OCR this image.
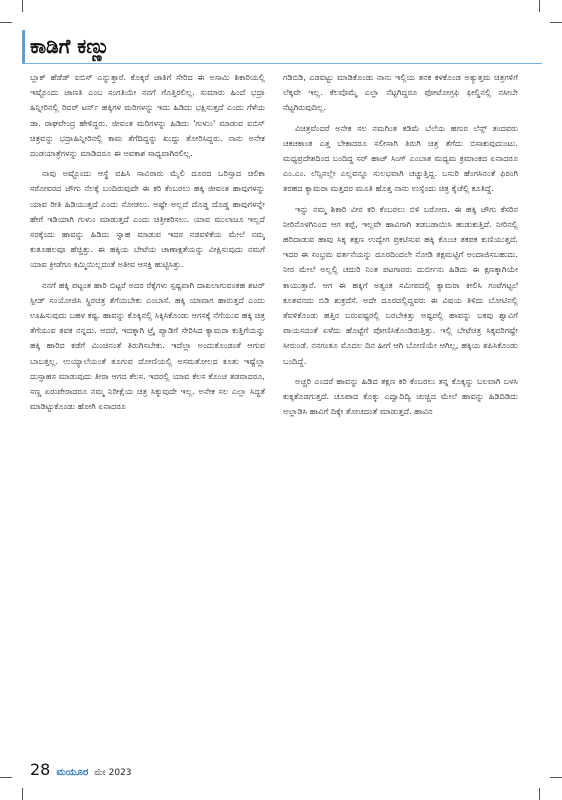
ಕಾಡಿಗೆ ಕಣ್ಣು

ಬ್ಲಾಕ್ ಹೆಡೆಡ್ ಐಬಿಸ್ ಎನ್ನುತ್ತಾರೆ. ಕೊಕ್ಕರೆ ಜಾತಿಗೆ ಸೇರಿದ ಈ ಅಸಾಮಿ ಶಿಕಾರಿಯಲ್ಲಿ ಇಷ್ಟೊಂದು ಜಾಣತಿ ಎಂಬ ಸಂಗತಿಯೇ ನನಗೆ ಗೊತ್ತಿರಲಿಲ್ಲ. ಸುಮಾರು ಹಿಂದೆ ಭದ್ರಾ ಹಿನ್ನೀರಿನಲ್ಲಿ ರಿವರ್ ಟರ್ನ್ ಹಕ್ಕಿಗಳ ಮರಿಗಳನ್ನು ಇದು ಹಿಡಿದು ಭಕ್ಷಿಸುತ್ತದೆ ಎಂದು ಗೆಳೆಯ ಡಾ. ರಾಘವೇಂದ್ರ ಹೇಳಿದ್ದರು. ಜೀವಂತ ಮರಿಗಳನ್ನು ಹಿಡಿದು 'ಗುಳುಂ' ಮಾಡುವ ಐಬಿಸ್ ಚಿತ್ರವನ್ನು ಭದ್ರಾಹಿನ್ನೀರಿನಲ್ಲಿ ಕಾಮ ತೆಗೆದಿದ್ದನ್ನು ಖುದ್ದು ತೋರಿಸಿದ್ದರು. ನಾನು ಅನೇಕ ದಂಡಯಾತ್ರೆಗಳನ್ನು ಮಾಡಿದರೂ ಈ ಅವಕಾಶ ಸಾಧ್ಯವಾಗಿರಲಿಲ್ಲ.

ನಾವು ಅಷ್ಟೊಂದು ಆಸ್ಥೆ ವಹಿಸಿ ಸಾವಿರಾರು ಮೈಲಿ ದೂರದ ಒರಿಸ್ಸಾದ ಚಿಲಿಕಾ ಸರೋವರದ ಜೌಗು ನೆಲಕ್ಕೆ ಬಂದಿರುವುದೇ ಈ ಕರಿ ಕೆಂಬರಲು ಹಕ್ಕಿ ಜೀವಂತ ಹಾವುಗಳನ್ನು ಯಾವ ರೀತಿ ಹಿಡಿಯುತ್ತದೆ ಎಂದು ನೋಡಲು. ಅಷ್ಟೇ ಅಲ್ಲದೆ ದೊಡ್ಡ ದೊಡ್ಡ ಹಾವುಗಳನ್ನೇ ಹೇಗೆ ಇಡಿಯಾಗಿ ಗುಳುಂ ಮಾಡುತ್ತದೆ ಎಂದು ಚಿತ್ರೀಕರಿಸಲು. ಯಾವ ಮುಲಾಜೂ ಇಲ್ಲದೆ ಸರಕ್ಕೆಂದು ಹಾವನ್ನು ಹಿಡಿದು ಸ್ವಾಹ ಮಾಡುವ ಇದರ ನಡವಳಿಕೆಯ ಮೇಲೆ ನಮ್ಮ ಕುತೂಹಲವೂ ಹೆಚ್ಚಿತ್ತು. ಈ ಹಕ್ಕಿಯ ಬೇಟೆಯ ಚಾಣಾಕ್ಷತೆಯನ್ನು ವೀಕ್ಷಿಸುವುದು ನಮಗೆ ಯಾವ ಕ್ರೀಡೆಗೂ ಕಮ್ಮಿಯಿಲ್ಲದಂತೆ ಅತೀವ ಆಸಕ್ತಿ ಹುಟ್ಟಿಸಿತ್ತು.

ನನಗೆ ಹಕ್ಕಿ ಪಟ್ಟಂತ ಹಾರಿ ಬಿಟ್ಟರೆ ಅದರ ರೆಕ್ಕೆಗಳು ಸ್ಪಷ್ಟವಾಗಿ ದಾಖಲಾಗುವಂತಹ ಶಟರ್ ಸ್ಪೀಡ್ ಸಂಯೋಜಿಸಿ ಸ್ಥಿರಚಿತ್ರ ತೆಗೆಯಬೇಕು ಎಂಬಾಸೆ. ಹಕ್ಕಿ ಯಾವಾಗ ಹಾರುತ್ತದೆ ಎಂದು ಊಹಿಸುವುದು ಬಹಳ ಕಷ್ಟ. ಹಾವನ್ನು ಕೊಕ್ಕಿನಲ್ಲಿ ಸಿಕ್ಕಿಸಿಕೊಂಡು ಆಗಸಕ್ಕೆ ನೆಗೆಯುವ ಹಕ್ಕಿ ಚಿತ್ರ ತೆಗೆಯುವ ತವಕ ನನ್ನದು. ಆದರೆ, ಇದಕ್ಕಾಗಿ ಟ್ರೈ ಪ್ಯಾಡಿಗೆ ಸೇರಿಸಿದ ಕ್ಯಾಮರಾ ಕುತ್ತಿಗೆಯನ್ನು ಹಕ್ಕಿ ಹಾರಿದ ಕಡೆಗೆ ಮಿಂಚಿನಂತೆ ತಿರುಗಿಸಬೇಕು. ಇದೆಲ್ಲಾ ಅಂದುಕೊಂಡಂತೆ ಆಗುವ ಬಾಬತ್ತಲ್ಲ. ಉಯ್ಯಾಲೆಯಂತೆ ತೂಗುವ ದೋಣಿಯಲ್ಲಿ ಅಸಮತೋಲದ ಕೂತು ಇಷ್ಟೆಲ್ಲಾ ದುಸ್ಸಾಹಸ ಮಾಡುವುದು ತೀರಾ ಆಗದ ಕೆಲಸ. ಇದರಲ್ಲಿ ಯಾವ ಕೆಲಸ ಕೊಂಚ ತಡವಾದರೂ, ಸಣ್ಣ ಏರುಪೇರಾದರೂ ನಮ್ಮ ನಿರೀಕ್ಷೆಯ ಚಿತ್ರ ಸಿಕ್ಕುವುದೇ ಇಲ್ಲ. ಅನೇಕ ಸಲ ಎಲ್ಲಾ ಸಿದ್ಧತೆ ಮಾಡಿಟ್ಟುಕೊಂಡು ಹೋಗಿ ಏನಾದರೂ

ಗಡಿಬಿಡಿ, ಎಡವಟ್ಟು ಮಾಡಿಕೊಂಡು ನಾನು ಇಲ್ಲಿಯ ತನಕ ಕಳಕೊಂಡ ಅತ್ಯುತ್ತಮ ಚಿತ್ರಗಳಿಗೆ ಲೆಕ್ಕವೇ ಇಲ್ಲ. ಕೆಲವೊಮ್ಮೆ ಎಲ್ಲಾ ನೆಟ್ಟಗಿದ್ದರೂ ಫೋಟೋಗ್ರಫಿ ಫೀಲ್ಡಿನಲ್ಲಿ ನಸೀಬೇ ನೆಟ್ಟಗಿರುವುದಿಲ್ಲ.

ವಿಚಿತ್ರವೆಂದರೆ ಅನೇಕ ಸಲ ನಮಗಿಂತ ಕಡಿಮೆ ಬೆಲೆಯ ಹಗುರ ಲೆನ್ಸ್ ತಂದವರು ಚಕಚಕಾಂತ ಎತ್ತ ಬೇಕಾದರೂ ಸಲೀಸಾಗಿ ತಿರುಗಿ ಚಿತ್ರ ತೆಗೆದು ಬಿಸಾಕುವುದುಂಟು. ಮಧ್ಯಪ್ರದೇಶದಿಂದ ಬಂದಿದ್ದ ಸರ್ ಹಾಜ್ ಸಿಂಗ್ ಎಂಬಾತ ಮಧ್ಯಮ ಕ್ರಮಾಂಕದ ಏನಾದರೂ ಎಂ.ಎಂ. ಲೆನ್ಸಿನಲ್ಲೇ ಎಲ್ಲವನ್ನೂ ಸುಲಭವಾಗಿ ಚಚ್ಚುತ್ತಿದ್ದ. ಬಸುರಿ ಹೆಂಗಸಿನಂತೆ ಫಿರಂಗಿ ತರಹದ ಕ್ಯಾಮರಾ ಮತ್ತದರ ಮೂತಿ ಹೊತ್ತ ನಾನು ಉಸ್ಸೆಂದು ಚಿತ್ರ ಕೈಚೆಲ್ಲಿ ಕೂತಿದ್ದೆ.

ಇನ್ನು ನಮ್ಮ ಶಿಕಾರಿ ವೀರ ಕರಿ ಕೆಂಬರಲು ಬಿಳಿ ಬರೋಣ. ಈ ಹಕ್ಕಿ ಜೌಗು ಕೆಸರಿನ ನೀರಿನೊಳಗಿನಿಂದ ಆಗ ಕಪ್ಪೆ, ಇಲ್ಲವೇ ಹಾವಿಗಾಗಿ ತಡಬಡಾಯಿಸಿ ಹುಡುಕುತ್ತಿದೆ. ನೀರಿನಲ್ಲಿ ಹರಿದಾಡುವ ಹಾವು ಸಿಕ್ಕ ತಕ್ಷಣ ಉದ್ವೇಗ ಪ್ರಕಟಿಸುವ ಹಕ್ಕಿ ಕೊಂಚ ತಕಪಕ ಕುಣಿಯುತ್ತದೆ. ಇದರ ಈ ಸಂಭ್ರಮ ವರ್ತನೆಯನ್ನು ದೂರದಿಂದಲೇ ನೋಡಿ ತಕ್ಷಮಟ್ಟಿಗೆ ಅಂದಾಜಿಸಬಹುದು. ನೀರ ಮೇಲೆ ಅಲ್ಲಲ್ಲಿ ಚದುರಿ ನಿಂತ ಪಟಗಾರರು ದುರ್ಬೀನು ಹಿಡಿದು ಈ ಕ್ಷಣಕ್ಕಾಗಿಯೇ ಕಾಯುತ್ತಾರೆ. ಆಗ ಈ ಹಕ್ಕಿಗೆ ಅತ್ಯಂತ ಸಮೀಪದಲ್ಲಿ ಕ್ಯಾಮರಾ ಕೀಲಿಸಿ ಗಂಟೆಗಟ್ಟಲೆ ಕೂತವನದು ಬಿಡಿ ಶುಕ್ರದೆಸೆ. ಅದೇ ದೂರದಲ್ಲಿದ್ದವರು ಈ ವಿಷಯ ತಿಳಿದು ಬೋಟಿನಲ್ಲಿ ತೆವಳಿಕೊಂಡು ಹತ್ತಿರ ಬರುವಷ್ಟರಲ್ಲಿ ಬರಬೇಕಿತ್ತು ಅಷ್ಟರಲ್ಲಿ ಹಾವನ್ನು ಬಕವು ಶ್ವಾವಿಗೆ ಪಾಯಸದಂತೆ ಏಳೆದು ಹೊಟ್ಟೆಗೆ ಪೋಣಿಸಿಕೊಂಡಿರುತ್ತಿತ್ತು. ಇಲ್ಲಿ ಬೇಟೆಚಿತ್ರ ಸಿಕ್ಕವರಿಗಷ್ಟೇ ಸೀರುಂಡೆ. ನನಗಂತೂ ಮೊದಲ ದಿನ ಹೀಗೆ ಆಗಿ ಬೋಣಿಯೇ ಆಗಿಲ್ಲ, ಹಕ್ಕಿಯ ಶಪಿಸಿಕೊಂಡು ಬಂದಿದ್ದೆ.

ಅಚ್ಚರಿ ಎಂದರೆ ಹಾವನ್ನು ಹಿಡಿದ ತಕ್ಷಣ ಕರಿ ಕೆಂಬರಲು ತನ್ನ ಕೊಕ್ಕನ್ನು ಬಲವಾಗಿ ಬಳಸಿ ಕುಕ್ಕತೊಡಗುತ್ತದೆ. ಚೂಪಾದ ಕೊಕ್ಕು ಎದ್ವಾದಿದ್ವಿ ಚುಚ್ಚಿದ ಮೇಲೆ ಹಾವನ್ನು ಹಿಡಿದಿಡಿದು ಅಲ್ಲಾಡಿಸಿ ಹಾವಿಗೆ ದಿಕ್ಕೇ ತೋಚದಂತೆ ಮಾಡುತ್ತದೆ. ಹಾವಿನ

28 ಮಯೂರ ಮೇ 2023
